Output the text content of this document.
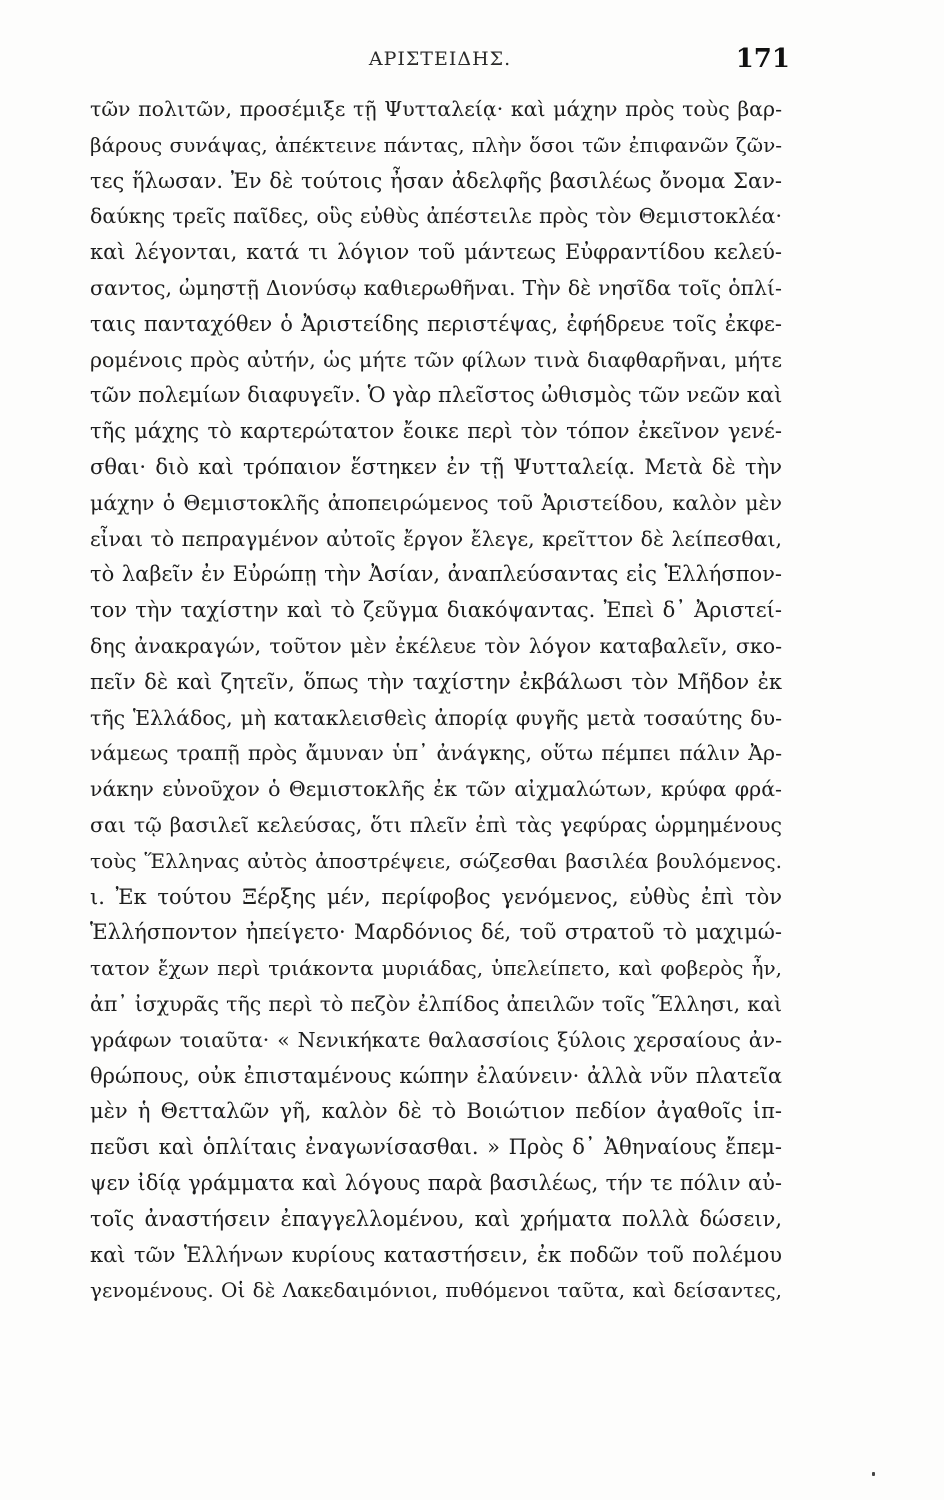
ΑΡΙΣΤΕΙΔΗΣ.	171
τῶν πολιτῶν, προσέμιξε τῇ Ψυτταλείᾳ· καὶ μάχην πρὸς τοὺς βαρ-
βάρους συνάψας, ἀπέκτεινε πάντας, πλὴν ὅσοι τῶν ἐπιφανῶν ζῶν-
τες ἥλωσαν. Ἐν δὲ τούτοις ἦσαν ἀδελφῆς βασιλέως ὄνομα Σαν-
δαύκης τρεῖς παῖδες, οὓς εὐθὺς ἀπέστειλε πρὸς τὸν Θεμιστοκλέα·
καὶ λέγονται, κατά τι λόγιον τοῦ μάντεως Εὐφραντίδου κελεύ-
σαντος, ὠμηστῇ Διονύσῳ καθιερωθῆναι. Τὴν δὲ νησῖδα τοῖς ὁπλί-
ταις πανταχόθεν ὁ Ἀριστείδης περιστέψας, ἐφήδρευε τοῖς ἐκφε-
ρομένοις πρὸς αὐτήν, ὡς μήτε τῶν φίλων τινὰ διαφθαρῆναι, μήτε
τῶν πολεμίων διαφυγεῖν. Ὁ γὰρ πλεῖστος ὠθισμὸς τῶν νεῶν καὶ
τῆς μάχης τὸ καρτερώτατον ἔοικε περὶ τὸν τόπον ἐκεῖνον γενέ-
σθαι· διὸ καὶ τρόπαιον ἕστηκεν ἐν τῇ Ψυτταλείᾳ. Μετὰ δὲ τὴν
μάχην ὁ Θεμιστοκλῆς ἀποπειρώμενος τοῦ Ἀριστείδου, καλὸν μὲν
εἶναι τὸ πεπραγμένον αὐτοῖς ἔργον ἔλεγε, κρεῖττον δὲ λείπεσθαι,
τὸ λαβεῖν ἐν Εὐρώπῃ τὴν Ἀσίαν, ἀναπλεύσαντας εἰς Ἑλλήσπον-
τον τὴν ταχίστην καὶ τὸ ζεῦγμα διακόψαντας. Ἐπεὶ δ᾽ Ἀριστεί-
δης ἀνακραγών, τοῦτον μὲν ἐκέλευε τὸν λόγον καταβαλεῖν, σκο-
πεῖν δὲ καὶ ζητεῖν, ὅπως τὴν ταχίστην ἐκβάλωσι τὸν Μῆδον ἐκ
τῆς Ἑλλάδος, μὴ κατακλεισθεὶς ἀπορίᾳ φυγῆς μετὰ τοσαύτης δυ-
νάμεως τραπῇ πρὸς ἄμυναν ὑπ᾽ ἀνάγκης, οὕτω πέμπει πάλιν Ἀρ-
νάκην εὐνοῦχον ὁ Θεμιστοκλῆς ἐκ τῶν αἰχμαλώτων, κρύφα φρά-
σαι τῷ βασιλεῖ κελεύσας, ὅτι πλεῖν ἐπὶ τὰς γεφύρας ὡρμημένους
τοὺς Ἕλληνας αὐτὸς ἀποστρέψειε, σώζεσθαι βασιλέα βουλόμενος.
ι. Ἐκ τούτου Ξέρξης μέν, περίφοβος γενόμενος, εὐθὺς ἐπὶ τὸν
Ἑλλήσποντον ἠπείγετο· Μαρδόνιος δέ, τοῦ στρατοῦ τὸ μαχιμώ-
τατον ἔχων περὶ τριάκοντα μυριάδας, ὑπελείπετο, καὶ φοβερὸς ἦν,
ἀπ᾽ ἰσχυρᾶς τῆς περὶ τὸ πεζὸν ἐλπίδος ἀπειλῶν τοῖς Ἕλλησι, καὶ
γράφων τοιαῦτα· « Νενικήκατε θαλασσίοις ξύλοις χερσαίους ἀν-
θρώπους, οὐκ ἐπισταμένους κώπην ἐλαύνειν· ἀλλὰ νῦν πλατεῖα
μὲν ἡ Θετταλῶν γῆ, καλὸν δὲ τὸ Βοιώτιον πεδίον ἀγαθοῖς ἱπ-
πεῦσι καὶ ὁπλίταις ἐναγωνίσασθαι. » Πρὸς δ᾽ Ἀθηναίους ἔπεμ-
ψεν ἰδίᾳ γράμματα καὶ λόγους παρὰ βασιλέως, τήν τε πόλιν αὐ-
τοῖς ἀναστήσειν ἐπαγγελλομένου, καὶ χρήματα πολλὰ δώσειν,
καὶ τῶν Ἑλλήνων κυρίους καταστήσειν, ἐκ ποδῶν τοῦ πολέμου
γενομένους. Οἱ δὲ Λακεδαιμόνιοι, πυθόμενοι ταῦτα, καὶ δείσαντες,
